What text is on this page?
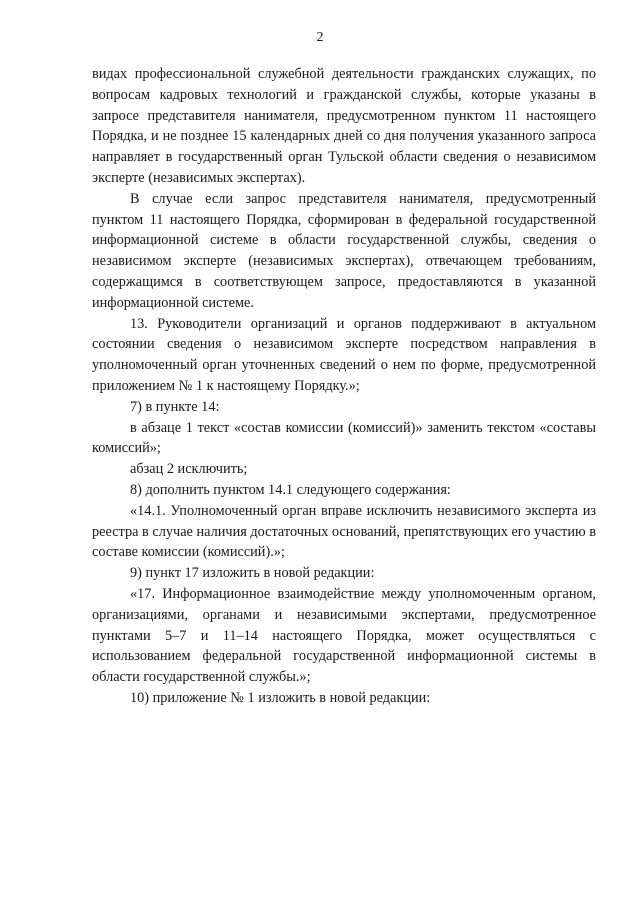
2

видах профессиональной служебной деятельности гражданских служащих, по вопросам кадровых технологий и гражданской службы, которые указаны в запросе представителя нанимателя, предусмотренном пунктом 11 настоящего Порядка, и не позднее 15 календарных дней со дня получения указанного запроса направляет в государственный орган Тульской области сведения о независимом эксперте (независимых экспертах).

В случае если запрос представителя нанимателя, предусмотренный пунктом 11 настоящего Порядка, сформирован в федеральной государственной информационной системе в области государственной службы, сведения о независимом эксперте (независимых экспертах), отвечающем требованиям, содержащимся в соответствующем запросе, предоставляются в указанной информационной системе.

13. Руководители организаций и органов поддерживают в актуальном состоянии сведения о независимом эксперте посредством направления в уполномоченный орган уточненных сведений о нем по форме, предусмотренной приложением № 1 к настоящему Порядку.»;

7) в пункте 14:

в абзаце 1 текст «состав комиссии (комиссий)» заменить текстом «составы комиссий»;

абзац 2 исключить;

8) дополнить пунктом 14.1 следующего содержания:

«14.1. Уполномоченный орган вправе исключить независимого эксперта из реестра в случае наличия достаточных оснований, препятствующих его участию в составе комиссии (комиссий).»;

9) пункт 17 изложить в новой редакции:

«17. Информационное взаимодействие между уполномоченным органом, организациями, органами и независимыми экспертами, предусмотренное пунктами 5–7 и 11–14 настоящего Порядка, может осуществляться с использованием федеральной государственной информационной системы в области государственной службы.»;

10) приложение № 1 изложить в новой редакции:
